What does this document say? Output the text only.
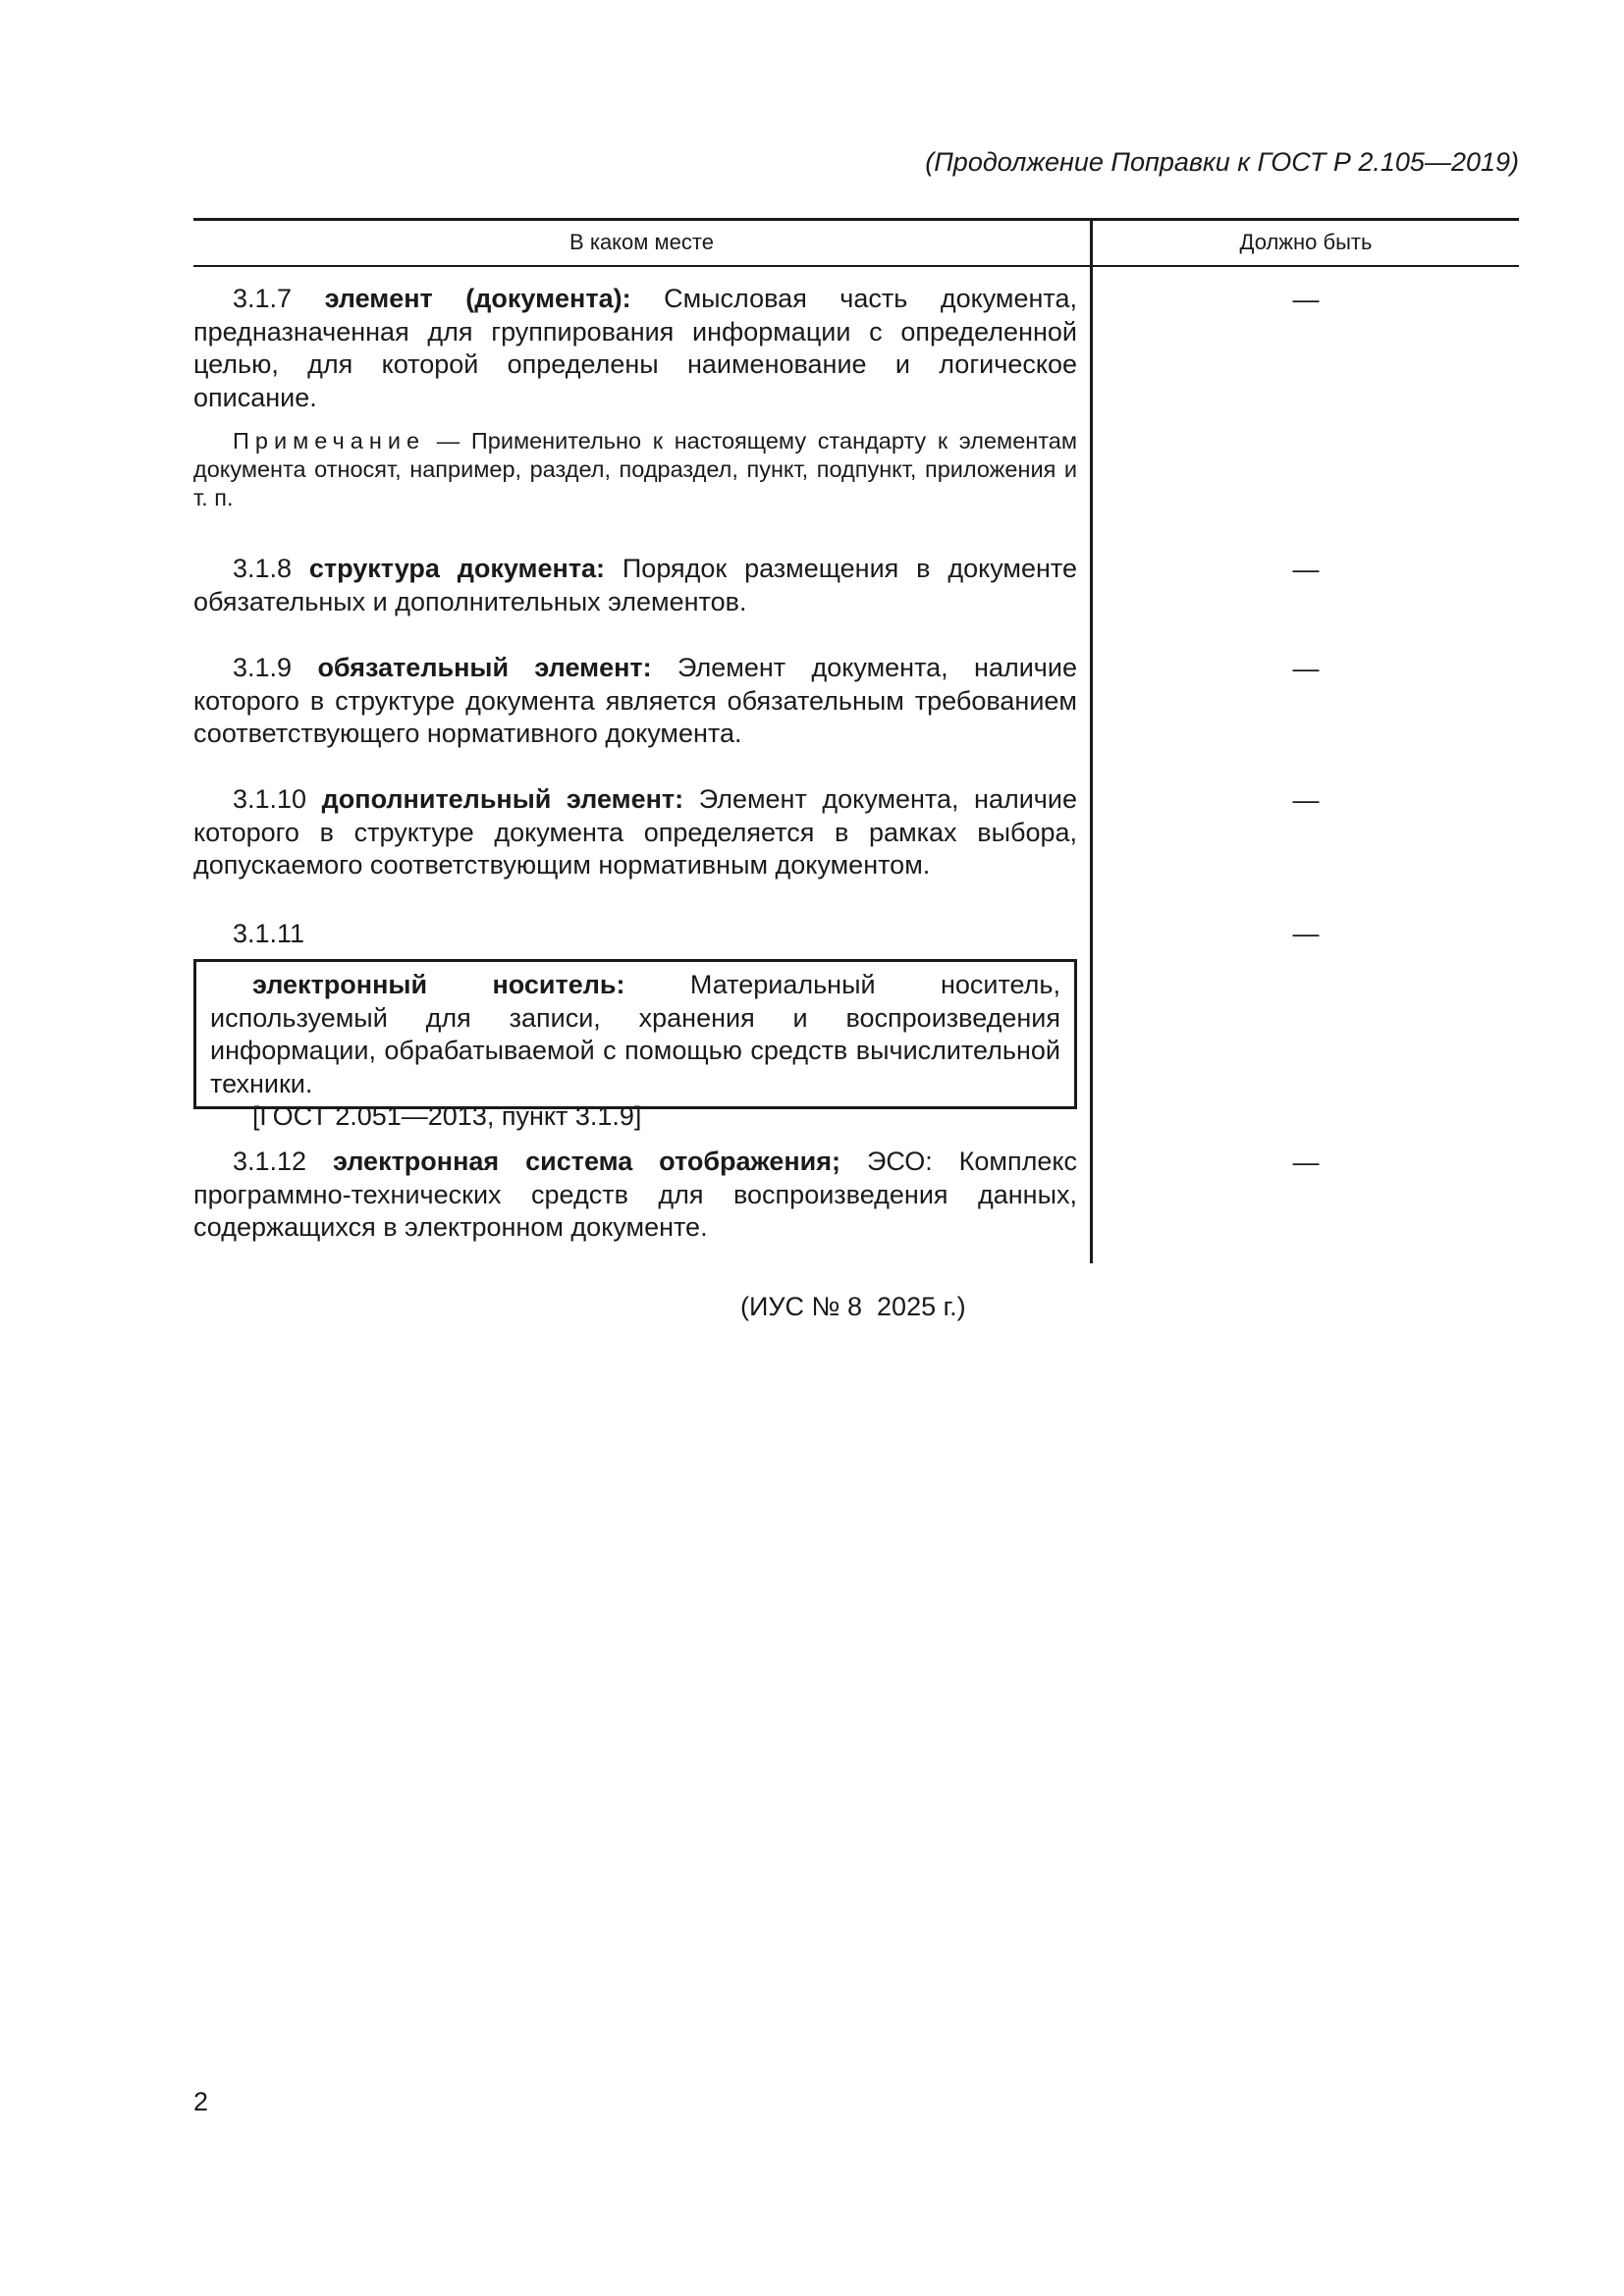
(Продолжение Поправки к ГОСТ Р 2.105—2019)
В каком месте	Должно быть
3.1.7 элемент (документа): Смысловая часть документа, предназначенная для группирования информации с определенной целью, для которой определены наименование и логическое описание.
Примечание — Применительно к настоящему стандарту к элементам документа относят, например, раздел, подраздел, пункт, подпункт, приложения и т. п.
—
3.1.8 структура документа: Порядок размещения в документе обязательных и дополнительных элементов.
—
3.1.9 обязательный элемент: Элемент документа, наличие которого в структуре документа является обязательным требованием соответствующего нормативного документа.
—
3.1.10 дополнительный элемент: Элемент документа, наличие которого в структуре документа определяется в рамках выбора, допускаемого соответствующим нормативным документом.
—
3.1.11	—
электронный носитель: Материальный носитель, используемый для записи, хранения и воспроизведения информации, обрабатываемой с помощью средств вычислительной техники.
[ГОСТ 2.051—2013, пункт 3.1.9]
3.1.12 электронная система отображения; ЭСО: Комплекс программно-технических средств для воспроизведения данных, содержащихся в электронном документе.
—
(ИУС № 8  2025 г.)
2
